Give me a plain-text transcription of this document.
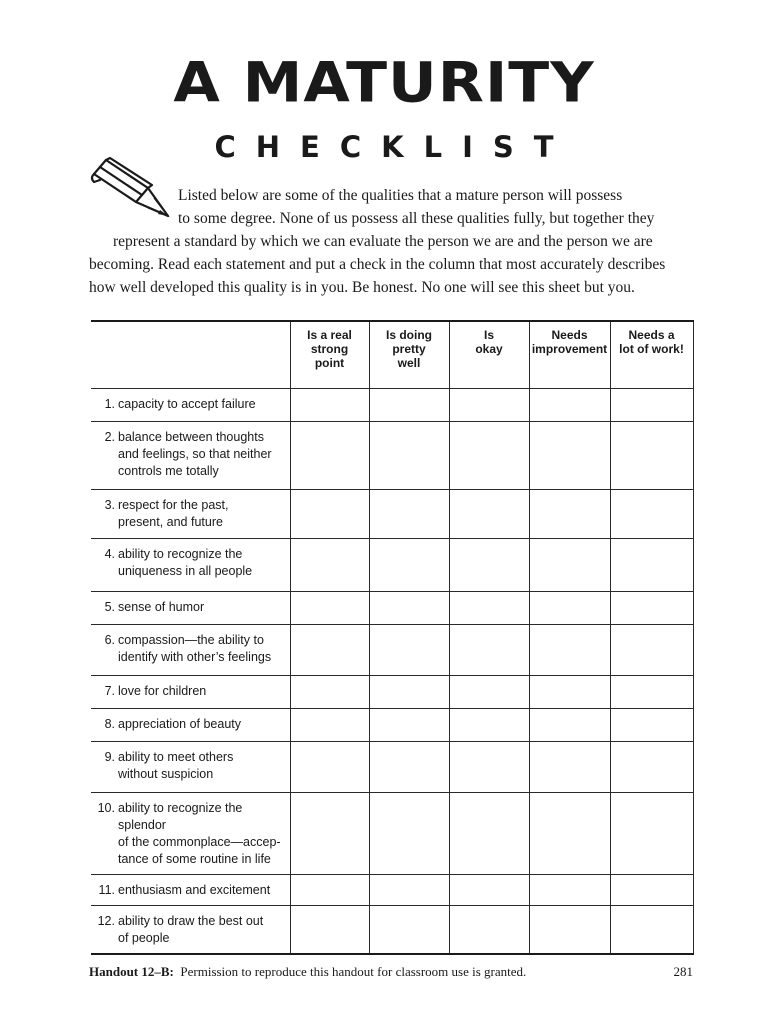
A MATURITY
CHECKLIST

Listed below are some of the qualities that a mature person will possess

to some degree. None of us possess all these qualities fully, but together they

represent a standard by which we can evaluate the person we are and the person we are

becoming. Read each statement and put a check in the column that most accurately describes

how well developed this quality is in you. Be honest. No one will see this sheet but you.

	Is a real
strong
point	Is doing
pretty
well	Is
okay	Needs
improvement	Needs a
lot of work!

1. capacity to accept failure					

2. balance between thoughts
and feelings, so that neither
controls me totally					

3. respect for the past,
present, and future					

4. ability to recognize the
uniqueness in all people					

5. sense of humor					

6. compassion—the ability to
identify with other’s feelings					

7. love for children					

8. appreciation of beauty					

9. ability to meet others
without suspicion					

10. ability to recognize the splendor
of the commonplace—accep-
tance of some routine in life					

11. enthusiasm and excitement					

12. ability to draw the best out
of people					

Handout 12–B: Permission to reproduce this handout for classroom use is granted.	281
